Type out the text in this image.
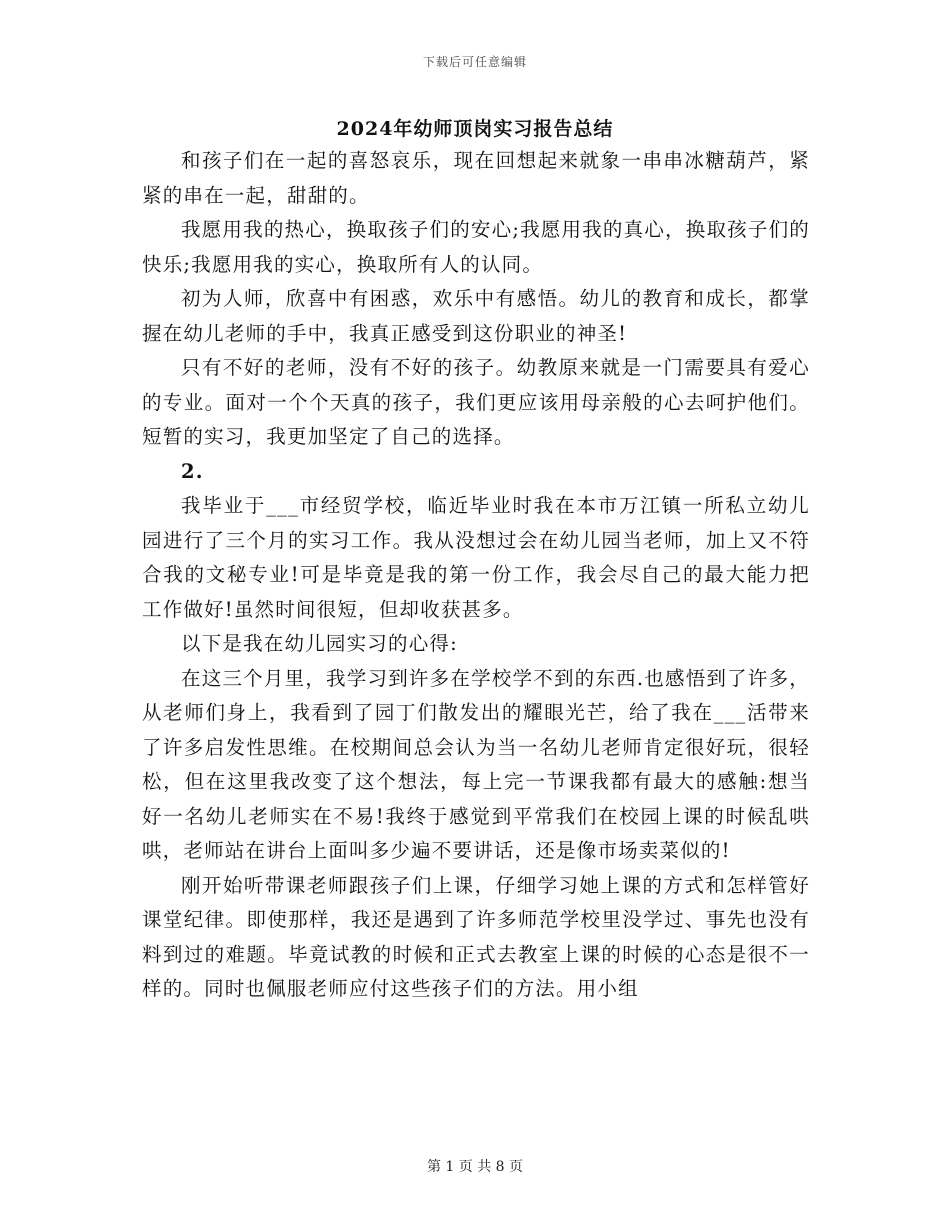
下载后可任意编辑
2024年幼师顶岗实习报告总结

和孩子们在一起的喜怒哀乐，现在回想起来就象一串串冰糖葫芦，紧紧的串在一起，甜甜的。

我愿用我的热心，换取孩子们的安心;我愿用我的真心，换取孩子们的快乐;我愿用我的实心，换取所有人的认同。

初为人师，欣喜中有困惑，欢乐中有感悟。幼儿的教育和成长，都掌握在幼儿老师的手中，我真正感受到这份职业的神圣!

只有不好的老师，没有不好的孩子。幼教原来就是一门需要具有爱心的专业。面对一个个天真的孩子，我们更应该用母亲般的心去呵护他们。短暂的实习，我更加坚定了自己的选择。

2.

我毕业于___市经贸学校，临近毕业时我在本市万江镇一所私立幼儿园进行了三个月的实习工作。我从没想过会在幼儿园当老师，加上又不符合我的文秘专业!可是毕竟是我的第一份工作，我会尽自己的最大能力把工作做好!虽然时间很短，但却收获甚多。

以下是我在幼儿园实习的心得:

在这三个月里，我学习到许多在学校学不到的东西.也感悟到了许多，从老师们身上，我看到了园丁们散发出的耀眼光芒，给了我在___活带来了许多启发性思维。在校期间总会认为当一名幼儿老师肯定很好玩，很轻松，但在这里我改变了这个想法，每上完一节课我都有最大的感触:想当好一名幼儿老师实在不易!我终于感觉到平常我们在校园上课的时候乱哄哄，老师站在讲台上面叫多少遍不要讲话，还是像市场卖菜似的!

刚开始听带课老师跟孩子们上课，仔细学习她上课的方式和怎样管好课堂纪律。即使那样，我还是遇到了许多师范学校里没学过、事先也没有料到过的难题。毕竟试教的时候和正式去教室上课的时候的心态是很不一样的。同时也佩服老师应付这些孩子们的方法。用小组

第 1 页 共 8 页
